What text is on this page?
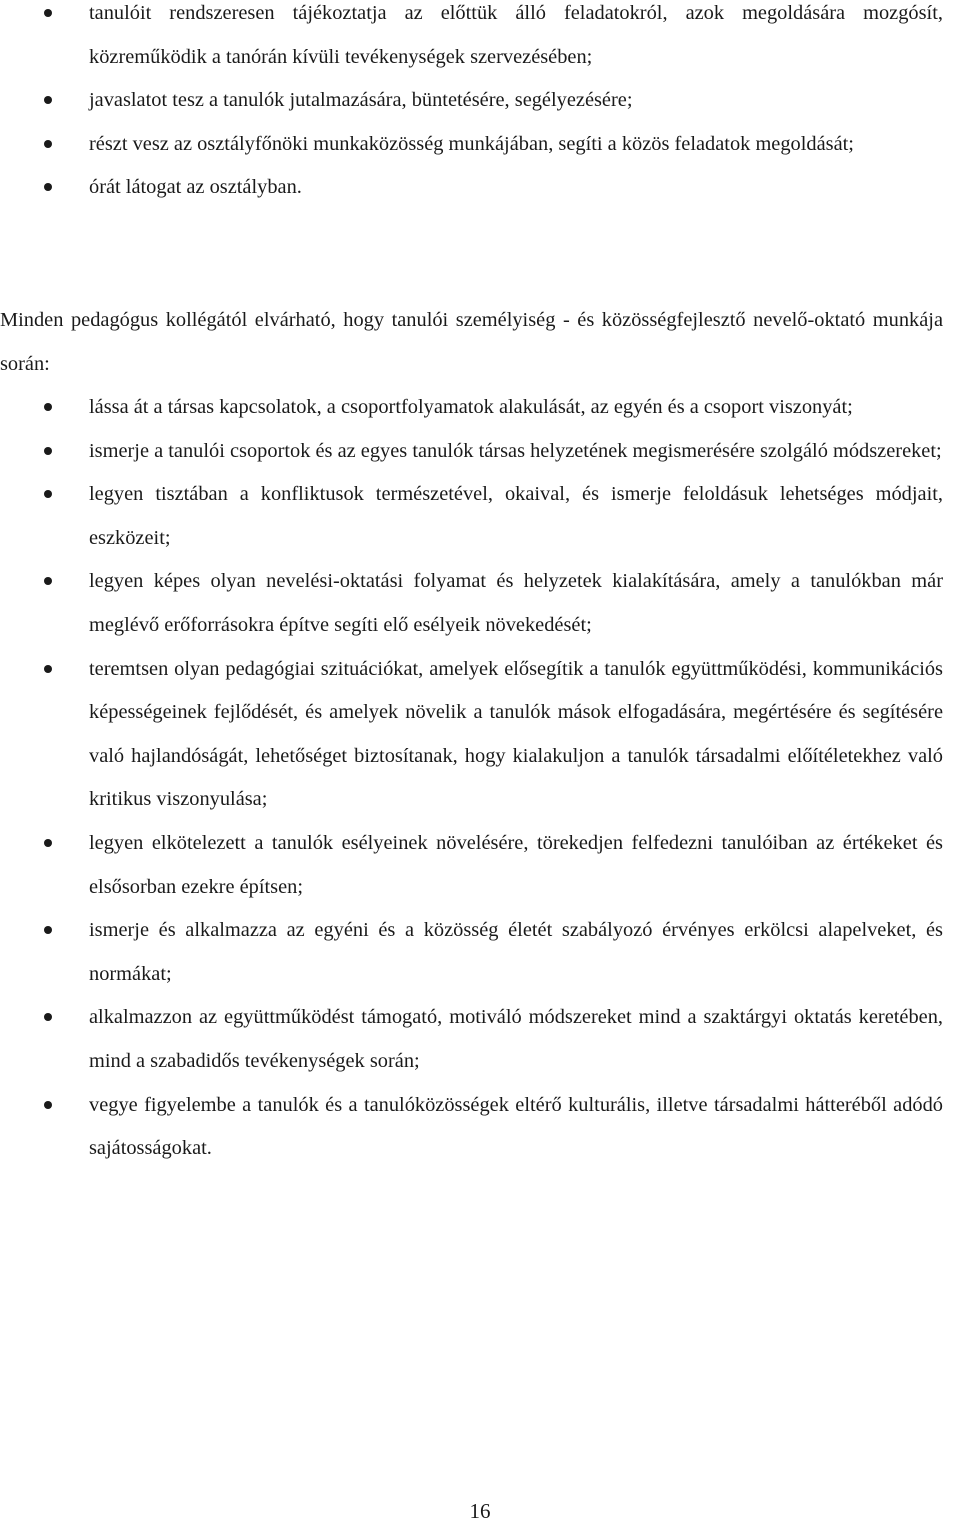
tanulóit rendszeresen tájékoztatja az előttük álló feladatokról, azok megoldására mozgósít, közreműködik a tanórán kívüli tevékenységek szervezésében;
javaslatot tesz a tanulók jutalmazására, büntetésére, segélyezésére;
részt vesz az osztályfőnöki munkaközösség munkájában, segíti a közös feladatok megoldását;
órát látogat az osztályban.

Minden pedagógus kollégától elvárható, hogy tanulói személyiség - és közösségfejlesztő nevelő-oktató munkája során:

lássa át a társas kapcsolatok, a csoportfolyamatok alakulását, az egyén és a csoport viszonyát;
ismerje a tanulói csoportok és az egyes tanulók társas helyzetének megismerésére szolgáló módszereket;
legyen tisztában a konfliktusok természetével, okaival, és ismerje feloldásuk lehetséges módjait, eszközeit;
legyen képes olyan nevelési-oktatási folyamat és helyzetek kialakítására, amely a tanulókban már meglévő erőforrásokra építve segíti elő esélyeik növekedését;
teremtsen olyan pedagógiai szituációkat, amelyek elősegítik a tanulók együttműködési, kommunikációs képességeinek fejlődését, és amelyek növelik a tanulók mások elfogadására, megértésére és segítésére való hajlandóságát, lehetőséget biztosítanak, hogy kialakuljon a tanulók társadalmi előítéletekhez való kritikus viszonyulása;
legyen elkötelezett a tanulók esélyeinek növelésére, törekedjen felfedezni tanulóiban az értékeket és elsősorban ezekre építsen;
ismerje és alkalmazza az egyéni és a közösség életét szabályozó érvényes erkölcsi alapelveket, és normákat;
alkalmazzon az együttműködést támogató, motiváló módszereket mind a szaktárgyi oktatás keretében, mind a szabadidős tevékenységek során;
vegye figyelembe a tanulók és a tanulóközösségek eltérő kulturális, illetve társadalmi hátteréből adódó sajátosságokat.
16
